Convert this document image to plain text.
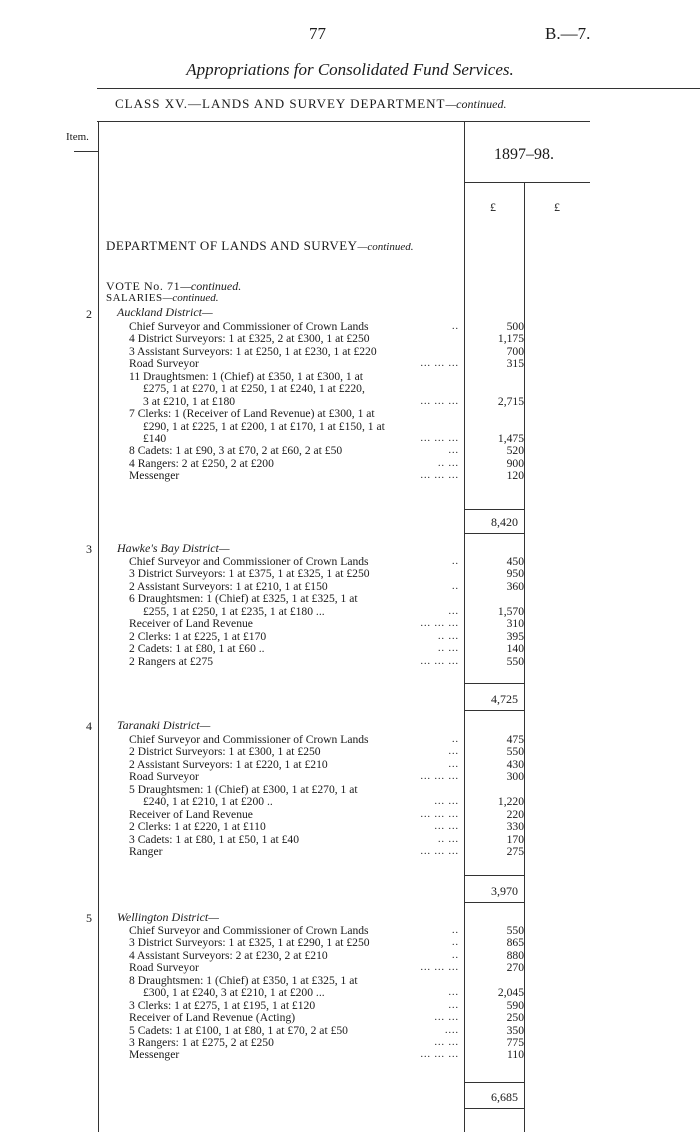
77	B.—7.
Appropriations for Consolidated Fund Services.
CLASS XV.—LANDS AND SURVEY DEPARTMENT—continued.
Item.
1897–98.
£	£
DEPARTMENT OF LANDS AND SURVEY—continued.
VOTE No. 71—continued.
SALARIES—continued.
2 Auckland District—
Chief Surveyor and Commissioner of Crown Lands	..	500
4 District Surveyors: 1 at £325, 2 at £300, 1 at £250	1,175
3 Assistant Surveyors: 1 at £250, 1 at £230, 1 at £220	700
Road Surveyor	... ... ...	315
11 Draughtsmen: 1 (Chief) at £350, 1 at £300, 1 at
£275, 1 at £270, 1 at £250, 1 at £240, 1 at £220,
3 at £210, 1 at £180	... ... ...	2,715
7 Clerks: 1 (Receiver of Land Revenue) at £300, 1 at
£290, 1 at £225, 1 at £200, 1 at £170, 1 at £150, 1 at
£140	... ... ...	1,475
8 Cadets: 1 at £90, 3 at £70, 2 at £60, 2 at £50	...	520
4 Rangers: 2 at £250, 2 at £200	.. ...	900
Messenger	... ... ...	120
8,420
3 Hawke's Bay District—
Chief Surveyor and Commissioner of Crown Lands	..	450
3 District Surveyors: 1 at £375, 1 at £325, 1 at £250	950
2 Assistant Surveyors: 1 at £210, 1 at £150	..	360
6 Draughtsmen: 1 (Chief) at £325, 1 at £325, 1 at
£255, 1 at £250, 1 at £235, 1 at £180 ...	...	1,570
Receiver of Land Revenue	... ... ...	310
2 Clerks: 1 at £225, 1 at £170	.. ...	395
2 Cadets: 1 at £80, 1 at £60 ..	.. ...	140
2 Rangers at £275	... ... ...	550
4,725
4 Taranaki District—
Chief Surveyor and Commissioner of Crown Lands	..	475
2 District Surveyors: 1 at £300, 1 at £250	...	550
2 Assistant Surveyors: 1 at £220, 1 at £210	...	430
Road Surveyor	... ... ...	300
5 Draughtsmen: 1 (Chief) at £300, 1 at £270, 1 at
£240, 1 at £210, 1 at £200 ..	... ...	1,220
Receiver of Land Revenue	... ... ...	220
2 Clerks: 1 at £220, 1 at £110	... ...	330
3 Cadets: 1 at £80, 1 at £50, 1 at £40	.. ...	170
Ranger	... ... ...	275
3,970
5 Wellington District—
Chief Surveyor and Commissioner of Crown Lands	..	550
3 District Surveyors: 1 at £325, 1 at £290, 1 at £250	..	865
4 Assistant Surveyors: 2 at £230, 2 at £210	..	880
Road Surveyor	... ... ...	270
8 Draughtsmen: 1 (Chief) at £350, 1 at £325, 1 at
£300, 1 at £240, 3 at £210, 1 at £200 ...	...	2,045
3 Clerks: 1 at £275, 1 at £195, 1 at £120	...	590
Receiver of Land Revenue (Acting)	... ...	250
5 Cadets: 1 at £100, 1 at £80, 1 at £70, 2 at £50	....	350
3 Rangers: 1 at £275, 2 at £250	... ...	775
Messenger	... ... ...	110
6,685
